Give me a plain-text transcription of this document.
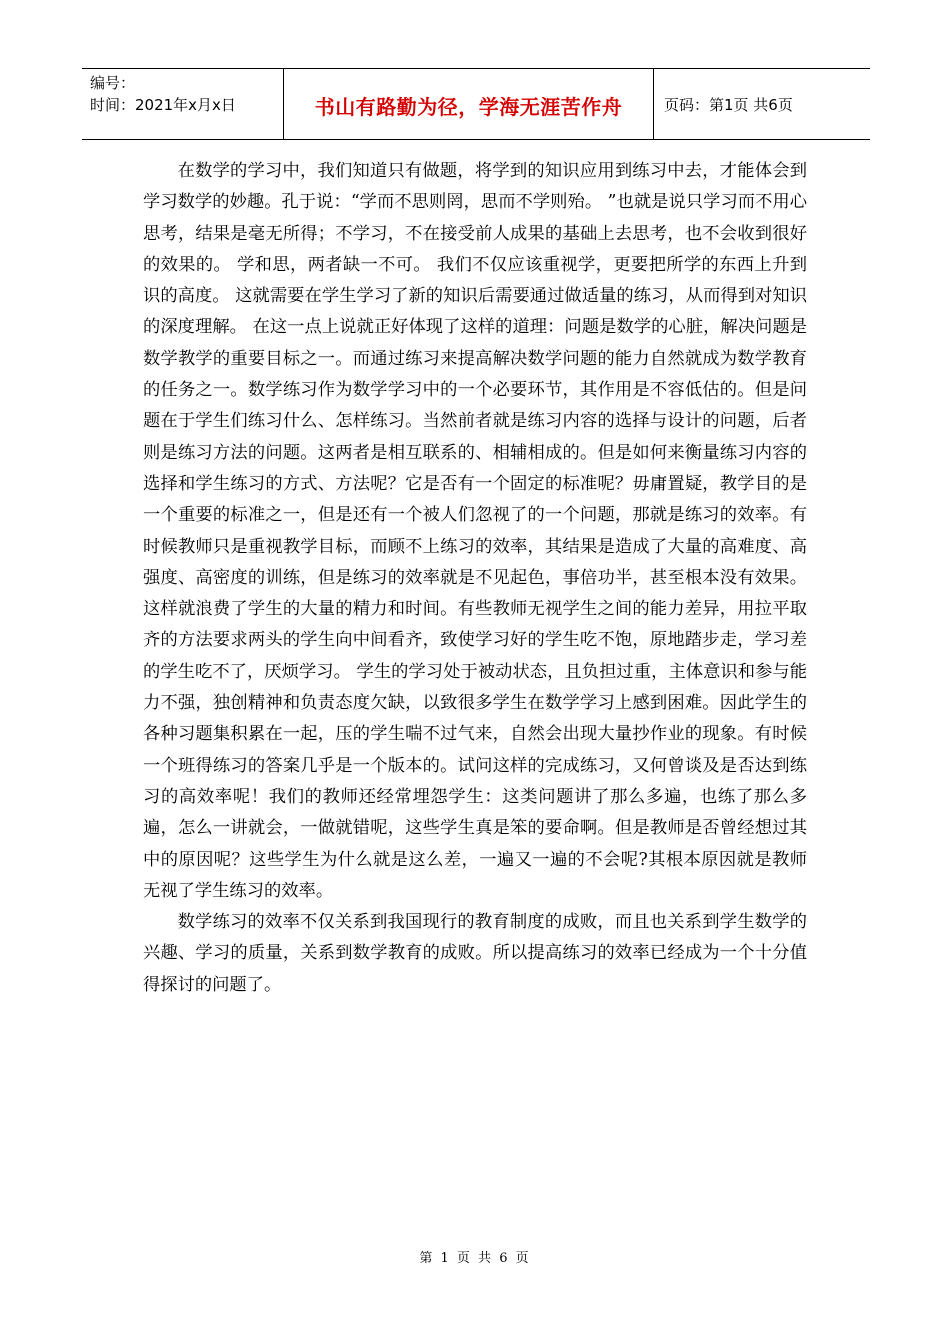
编号：
时间：2021年x月x日	书山有路勤为径，学海无涯苦作舟	页码：第1页 共6页

在数学的学习中，我们知道只有做题，将学到的知识应用到练习中去，才能体会到学习数学的妙趣。孔于说：“学而不思则罔，思而不学则殆。 ”也就是说只学习而不用心思考，结果是毫无所得；不学习，不在接受前人成果的基础上去思考，也不会收到很好的效果的。 学和思，两者缺一不可。 我们不仅应该重视学，更要把所学的东西上升到识的高度。 这就需要在学生学习了新的知识后需要通过做适量的练习，从而得到对知识的深度理解。 在这一点上说就正好体现了这样的道理：问题是数学的心脏，解决问题是数学教学的重要目标之一。而通过练习来提高解决数学问题的能力自然就成为数学教育的任务之一。数学练习作为数学学习中的一个必要环节，其作用是不容低估的。但是问题在于学生们练习什么、怎样练习。当然前者就是练习内容的选择与设计的问题，后者则是练习方法的问题。这两者是相互联系的、相辅相成的。但是如何来衡量练习内容的选择和学生练习的方式、方法呢？它是否有一个固定的标准呢？毋庸置疑，教学目的是一个重要的标准之一，但是还有一个被人们忽视了的一个问题，那就是练习的效率。有时候教师只是重视教学目标，而顾不上练习的效率，其结果是造成了大量的高难度、高强度、高密度的训练，但是练习的效率就是不见起色，事倍功半，甚至根本没有效果。这样就浪费了学生的大量的精力和时间。有些教师无视学生之间的能力差异，用拉平取齐的方法要求两头的学生向中间看齐，致使学习好的学生吃不饱，原地踏步走，学习差的学生吃不了，厌烦学习。 学生的学习处于被动状态，且负担过重，主体意识和参与能力不强，独创精神和负责态度欠缺，以致很多学生在数学学习上感到困难。因此学生的各种习题集积累在一起，压的学生喘不过气来，自然会出现大量抄作业的现象。有时候一个班得练习的答案几乎是一个版本的。试问这样的完成练习，又何曾谈及是否达到练习的高效率呢！我们的教师还经常埋怨学生：这类问题讲了那么多遍，也练了那么多遍，怎么一讲就会，一做就错呢，这些学生真是笨的要命啊。但是教师是否曾经想过其中的原因呢？这些学生为什么就是这么差，一遍又一遍的不会呢?其根本原因就是教师无视了学生练习的效率。

数学练习的效率不仅关系到我国现行的教育制度的成败，而且也关系到学生数学的兴趣、学习的质量，关系到数学教育的成败。所以提高练习的效率已经成为一个十分值得探讨的问题了。

第 1 页 共 6 页
